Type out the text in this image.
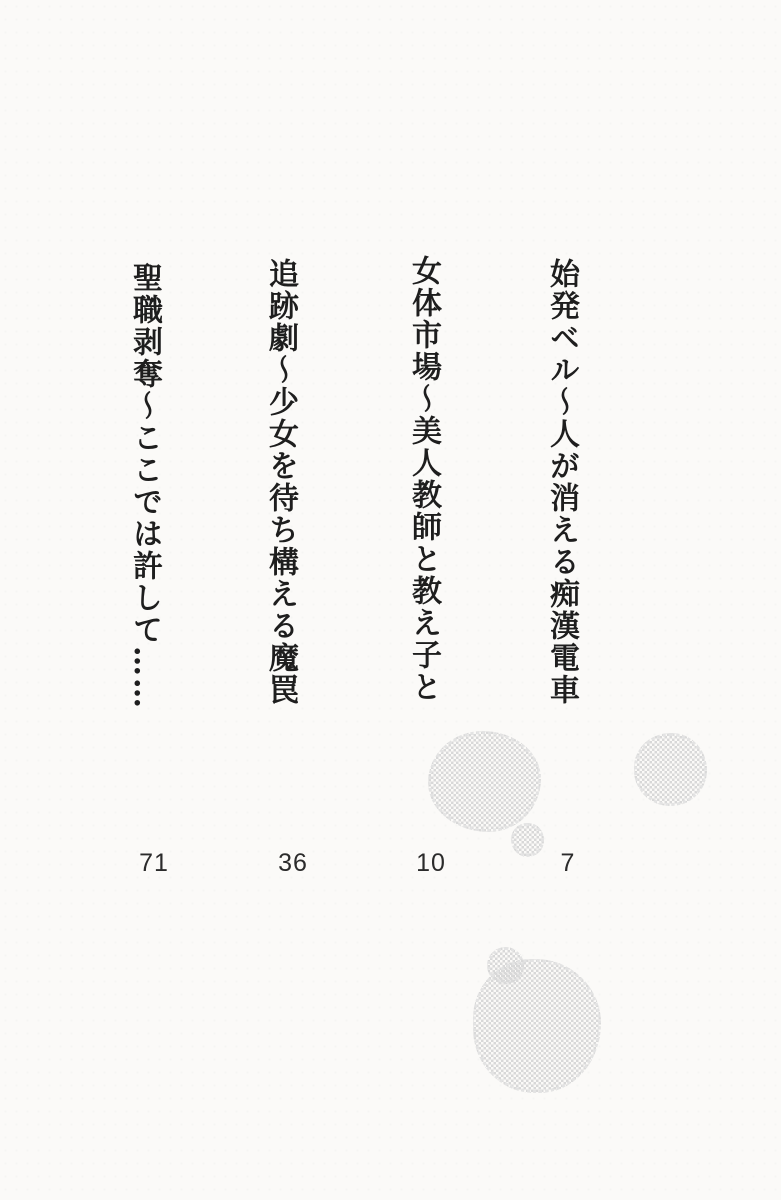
始発ベル～人が消える痴漢電車
女体市場～美人教師と教え子と
追跡劇～少女を待ち構える魔罠
聖職剥奪～ここでは許して……
7
10
36
71
